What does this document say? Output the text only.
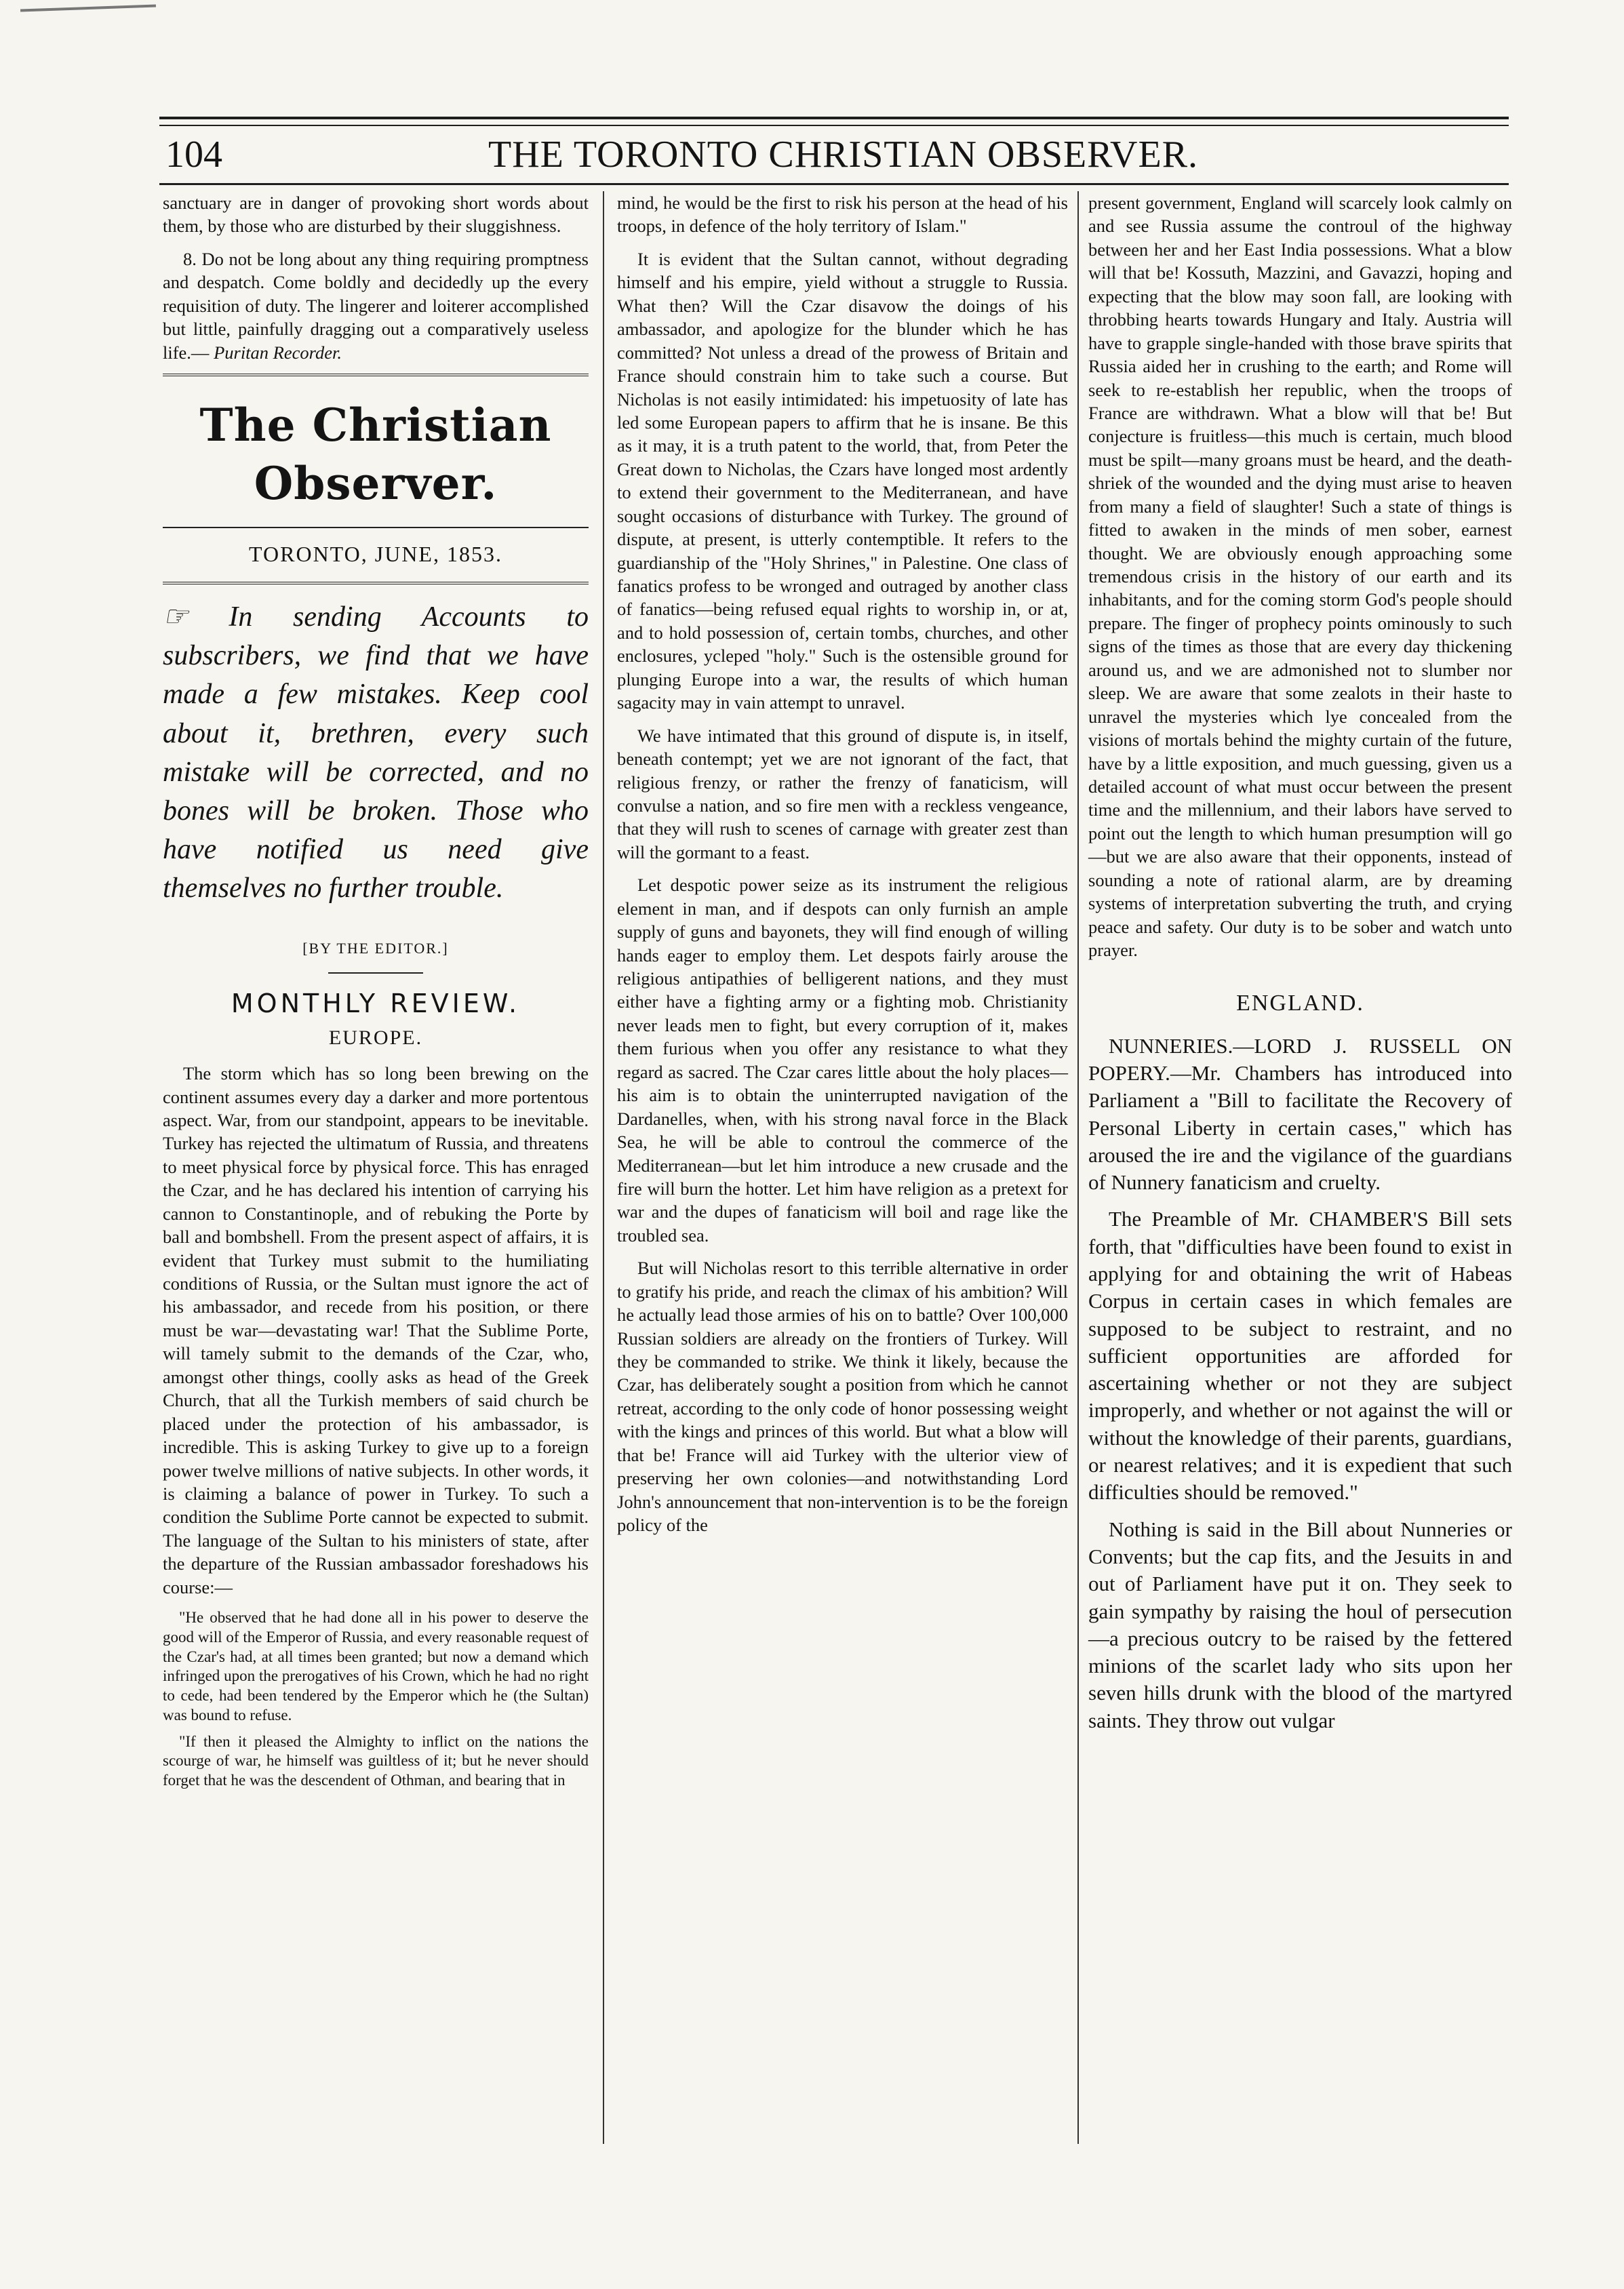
104	THE TORONTO CHRISTIAN OBSERVER.

sanctuary are in danger of provoking short words about them, by those who are disturbed by their sluggishness.

8. Do not be long about any thing requiring promptness and despatch. Come boldly and decidedly up the every requisition of duty. The lingerer and loiterer accomplished but little, painfully dragging out a comparatively useless life.— Puritan Recorder.

The Christian Observer.
TORONTO, JUNE, 1853.
☞ In sending Accounts to subscribers, we find that we have made a few mistakes. Keep cool about it, brethren, every such mistake will be corrected, and no bones will be broken. Those who have notified us need give themselves no further trouble.
[BY THE EDITOR.]
MONTHLY REVIEW.
EUROPE.

The storm which has so long been brewing on the continent assumes every day a darker and more portentous aspect. War, from our standpoint, appears to be inevitable. Turkey has rejected the ultimatum of Russia, and threatens to meet physical force by physical force. This has enraged the Czar, and he has declared his intention of carrying his cannon to Constantinople, and of rebuking the Porte by ball and bombshell. From the present aspect of affairs, it is evident that Turkey must submit to the humiliating conditions of Russia, or the Sultan must ignore the act of his ambassador, and recede from his position, or there must be war—devastating war! That the Sublime Porte, will tamely submit to the demands of the Czar, who, amongst other things, coolly asks as head of the Greek Church, that all the Turkish members of said church be placed under the protection of his ambassador, is incredible. This is asking Turkey to give up to a foreign power twelve millions of native subjects. In other words, it is claiming a balance of power in Turkey. To such a condition the Sublime Porte cannot be expected to submit. The language of the Sultan to his ministers of state, after the departure of the Russian ambassador foreshadows his course:—

"He observed that he had done all in his power to deserve the good will of the Emperor of Russia, and every reasonable request of the Czar's had, at all times been granted; but now a demand which infringed upon the prerogatives of his Crown, which he had no right to cede, had been tendered by the Emperor which he (the Sultan) was bound to refuse.

"If then it pleased the Almighty to inflict on the nations the scourge of war, he himself was guiltless of it; but he never should forget that he was the descendent of Othman, and bearing that in

mind, he would be the first to risk his person at the head of his troops, in defence of the holy territory of Islam."

It is evident that the Sultan cannot, without degrading himself and his empire, yield without a struggle to Russia. What then? Will the Czar disavow the doings of his ambassador, and apologize for the blunder which he has committed? Not unless a dread of the prowess of Britain and France should constrain him to take such a course. But Nicholas is not easily intimidated: his impetuosity of late has led some European papers to affirm that he is insane. Be this as it may, it is a truth patent to the world, that, from Peter the Great down to Nicholas, the Czars have longed most ardently to extend their government to the Mediterranean, and have sought occasions of disturbance with Turkey. The ground of dispute, at present, is utterly contemptible. It refers to the guardianship of the "Holy Shrines," in Palestine. One class of fanatics profess to be wronged and outraged by another class of fanatics—being refused equal rights to worship in, or at, and to hold possession of, certain tombs, churches, and other enclosures, ycleped "holy." Such is the ostensible ground for plunging Europe into a war, the results of which human sagacity may in vain attempt to unravel.

We have intimated that this ground of dispute is, in itself, beneath contempt; yet we are not ignorant of the fact, that religious frenzy, or rather the frenzy of fanaticism, will convulse a nation, and so fire men with a reckless vengeance, that they will rush to scenes of carnage with greater zest than will the gormant to a feast.

Let despotic power seize as its instrument the religious element in man, and if despots can only furnish an ample supply of guns and bayonets, they will find enough of willing hands eager to employ them. Let despots fairly arouse the religious antipathies of belligerent nations, and they must either have a fighting army or a fighting mob. Christianity never leads men to fight, but every corruption of it, makes them furious when you offer any resistance to what they regard as sacred. The Czar cares little about the holy places—his aim is to obtain the uninterrupted navigation of the Dardanelles, when, with his strong naval force in the Black Sea, he will be able to controul the commerce of the Mediterranean—but let him introduce a new crusade and the fire will burn the hotter. Let him have religion as a pretext for war and the dupes of fanaticism will boil and rage like the troubled sea.

But will Nicholas resort to this terrible alternative in order to gratify his pride, and reach the climax of his ambition? Will he actually lead those armies of his on to battle? Over 100,000 Russian soldiers are already on the frontiers of Turkey. Will they be commanded to strike. We think it likely, because the Czar, has deliberately sought a position from which he cannot retreat, according to the only code of honor possessing weight with the kings and princes of this world. But what a blow will that be! France will aid Turkey with the ulterior view of preserving her own colonies—and notwithstanding Lord John's announcement that non-intervention is to be the foreign policy of the

present government, England will scarcely look calmly on and see Russia assume the controul of the highway between her and her East India possessions. What a blow will that be! Kossuth, Mazzini, and Gavazzi, hoping and expecting that the blow may soon fall, are looking with throbbing hearts towards Hungary and Italy. Austria will have to grapple single-handed with those brave spirits that Russia aided her in crushing to the earth; and Rome will seek to re-establish her republic, when the troops of France are withdrawn. What a blow will that be! But conjecture is fruitless—this much is certain, much blood must be spilt—many groans must be heard, and the death-shriek of the wounded and the dying must arise to heaven from many a field of slaughter! Such a state of things is fitted to awaken in the minds of men sober, earnest thought. We are obviously enough approaching some tremendous crisis in the history of our earth and its inhabitants, and for the coming storm God's people should prepare. The finger of prophecy points ominously to such signs of the times as those that are every day thickening around us, and we are admonished not to slumber nor sleep. We are aware that some zealots in their haste to unravel the mysteries which lye concealed from the visions of mortals behind the mighty curtain of the future, have by a little exposition, and much guessing, given us a detailed account of what must occur between the present time and the millennium, and their labors have served to point out the length to which human presumption will go—but we are also aware that their opponents, instead of sounding a note of rational alarm, are by dreaming systems of interpretation subverting the truth, and crying peace and safety. Our duty is to be sober and watch unto prayer.

ENGLAND.

NUNNERIES.—LORD J. RUSSELL ON POPERY.—Mr. Chambers has introduced into Parliament a "Bill to facilitate the Recovery of Personal Liberty in certain cases," which has aroused the ire and the vigilance of the guardians of Nunnery fanaticism and cruelty.

The Preamble of Mr. CHAMBER'S Bill sets forth, that "difficulties have been found to exist in applying for and obtaining the writ of Habeas Corpus in certain cases in which females are supposed to be subject to restraint, and no sufficient opportunities are afforded for ascertaining whether or not they are subject improperly, and whether or not against the will or without the knowledge of their parents, guardians, or nearest relatives; and it is expedient that such difficulties should be removed."

Nothing is said in the Bill about Nunneries or Convents; but the cap fits, and the Jesuits in and out of Parliament have put it on. They seek to gain sympathy by raising the houl of persecution—a precious outcry to be raised by the fettered minions of the scarlet lady who sits upon her seven hills drunk with the blood of the martyred saints. They throw out vulgar
